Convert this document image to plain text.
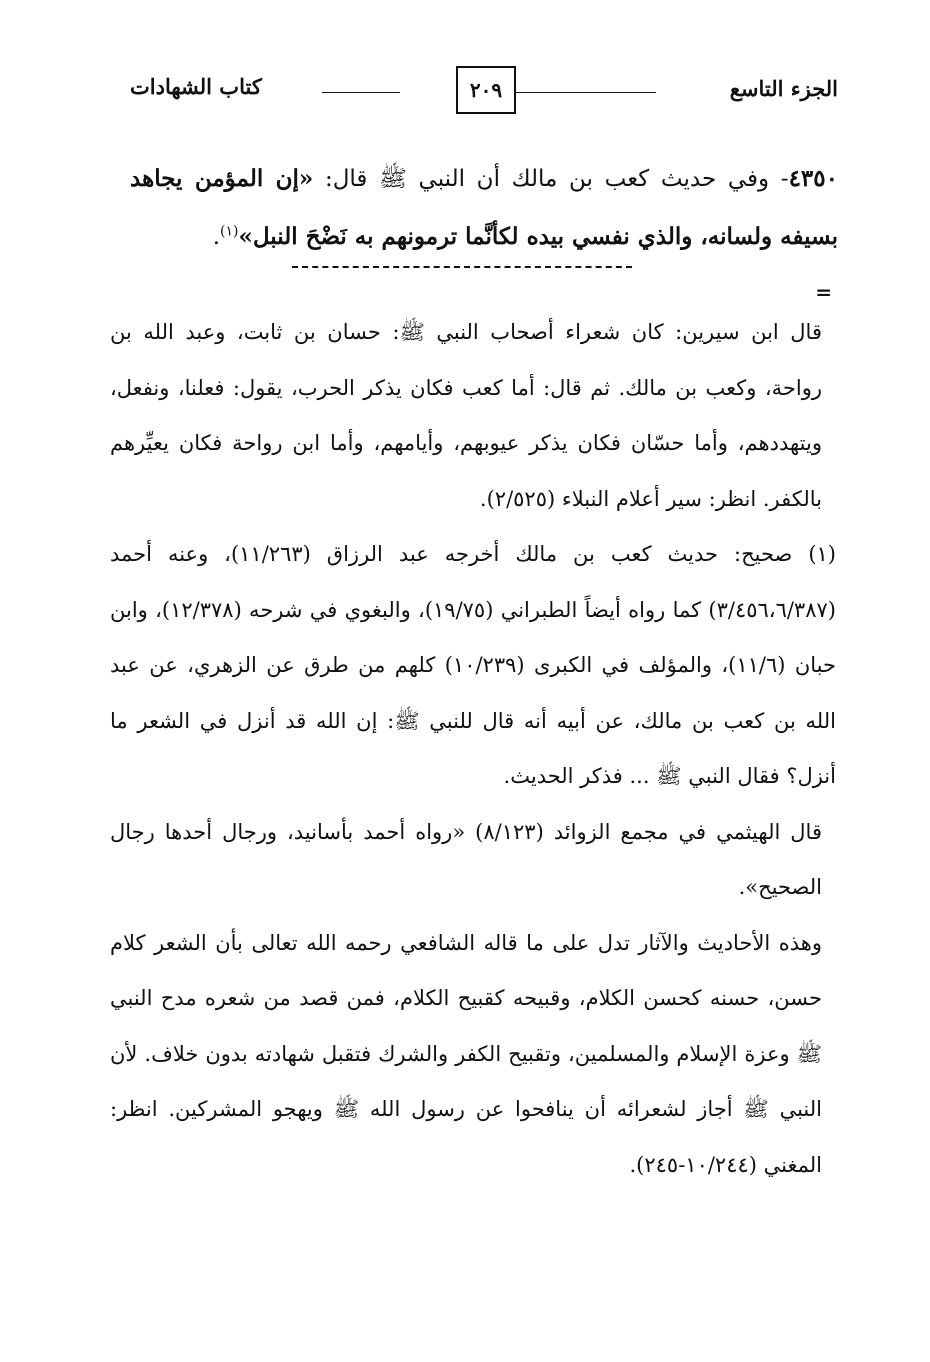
الجزء التاسع
٢٠٩
كتاب الشهادات
٤٣٥٠- وفي حديث كعب بن مالك أن النبي ﷺ قال: «إن المؤمن يجاهد بسيفه ولسانه، والذي نفسي بيده لكأنَّما ترمونهم به نَضْحَ النبل»$^{(١)}$.
=

قال ابن سيرين: كان شعراء أصحاب النبي ﷺ: حسان بن ثابت، وعبد الله بن رواحة، وكعب بن مالك. ثم قال: أما كعب فكان يذكر الحرب، يقول: فعلنا، ونفعل، ويتهددهم، وأما حسّان فكان يذكر عيوبهم، وأيامهم، وأما ابن رواحة فكان يعيِّرهم بالكفر. انظر: سير أعلام النبلاء (٢/٥٢٥).

(١) صحيح: حديث كعب بن مالك أخرجه عبد الرزاق (١١/٢٦٣)، وعنه أحمد (٣/٤٥٦،٦/٣٨٧) كما رواه أيضاً الطبراني (١٩/٧٥)، والبغوي في شرحه (١٢/٣٧٨)، وابن حبان (١١/٦)، والمؤلف في الكبرى (١٠/٢٣٩) كلهم من طرق عن الزهري، عن عبد الله بن كعب بن مالك، عن أبيه أنه قال للنبي ﷺ: إن الله قد أنزل في الشعر ما أنزل؟ فقال النبي ﷺ ... فذكر الحديث.

قال الهيثمي في مجمع الزوائد (٨/١٢٣) «رواه أحمد بأسانيد، ورجال أحدها رجال الصحيح».

وهذه الأحاديث والآثار تدل على ما قاله الشافعي رحمه الله تعالى بأن الشعر كلام حسن، حسنه كحسن الكلام، وقبيحه كقبيح الكلام، فمن قصد من شعره مدح النبي ﷺ وعزة الإسلام والمسلمين، وتقبيح الكفر والشرك فتقبل شهادته بدون خلاف. لأن النبي ﷺ أجاز لشعرائه أن ينافحوا عن رسول الله ﷺ ويهجو المشركين. انظر: المغني (١٠/٢٤٤-٢٤٥).
